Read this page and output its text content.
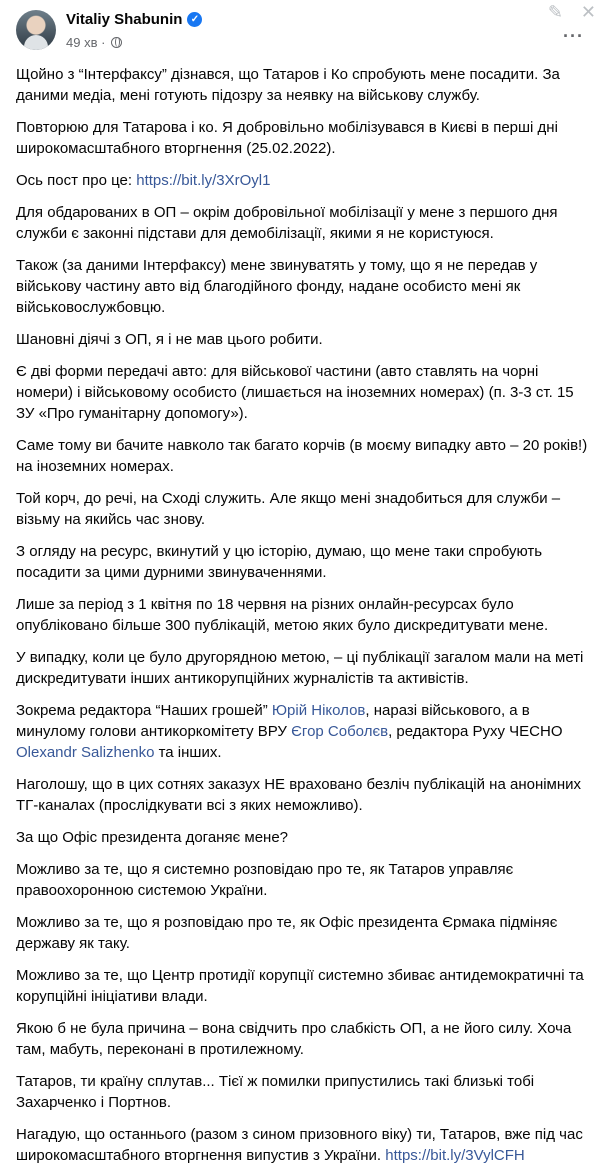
Vitaliy Shabunin ✓
49 хв ·
✎ ✕
···

Щойно з “Інтерфаксу” дізнався, що Татаров і Ко спробують мене посадити. За даними медіа, мені готують підозру за неявку на військову службу.

Повторюю для Татарова і ко. Я добровільно мобілізувався в Києві в перші дні широкомасштабного вторгнення (25.02.2022).

Ось пост про це: https://bit.ly/3XrOyl1

Для обдарованих в ОП – окрім добровільної мобілізації у мене з першого дня служби є законні підстави для демобілізації, якими я не користуюся.

Також (за даними Інтерфаксу) мене звинуватять у тому, що я не передав у військову частину авто від благодійного фонду, надане особисто мені як військовослужбовцю.

Шановні діячі з ОП, я і не мав цього робити.

Є дві форми передачі авто: для військової частини (авто ставлять на чорні номери) і військовому особисто (лишається на іноземних номерах) (п. 3-3 ст. 15 ЗУ «Про гуманітарну допомогу»).

Саме тому ви бачите навколо так багато корчів (в моєму випадку авто – 20 років!) на іноземних номерах.

Той корч, до речі, на Сході служить. Але якщо мені знадобиться для служби – візьму на якийсь час знову.

З огляду на ресурс, вкинутий у цю історію, думаю, що мене таки спробують посадити за цими дурними звинуваченнями.

Лише за період з 1 квітня по 18 червня на різних онлайн-ресурсах було опубліковано більше 300 публікацій, метою яких було дискредитувати мене.

У випадку, коли це було другорядною метою, – ці публікації загалом мали на меті дискредитувати інших антикорупційних журналістів та активістів.

Зокрема редактора “Наших грошей” Юрій Ніколов, наразі військового, а в минулому голови антикоркомітету ВРУ Єгор Соболєв, редактора Руху ЧЕСНО Olexandr Salizhenko та інших.

Наголошу, що в цих сотнях заказух НЕ враховано безліч публікацій на анонімних ТГ-каналах (прослідкувати всі з яких неможливо).

За що Офіс президента доганяє мене?

Можливо за те, що я системно розповідаю про те, як Татаров управляє правоохоронною системою України.

Можливо за те, що я розповідаю про те, як Офіс президента Єрмака підміняє державу як таку.

Можливо за те, що Центр протидії корупції системно збиває антидемократичні та корупційні ініціативи влади.

Якою б не була причина – вона свідчить про слабкість ОП, а не його силу. Хоча там, мабуть, переконані в протилежному.

Татаров, ти країну сплутав... Тієї ж помилки припустились такі близькі тобі Захарченко і Портнов.

Нагадую, що останнього (разом з сином призовного віку) ти, Татаров, вже під час широкомасштабного вторгнення випустив з України. https://bit.ly/3VylCFH
